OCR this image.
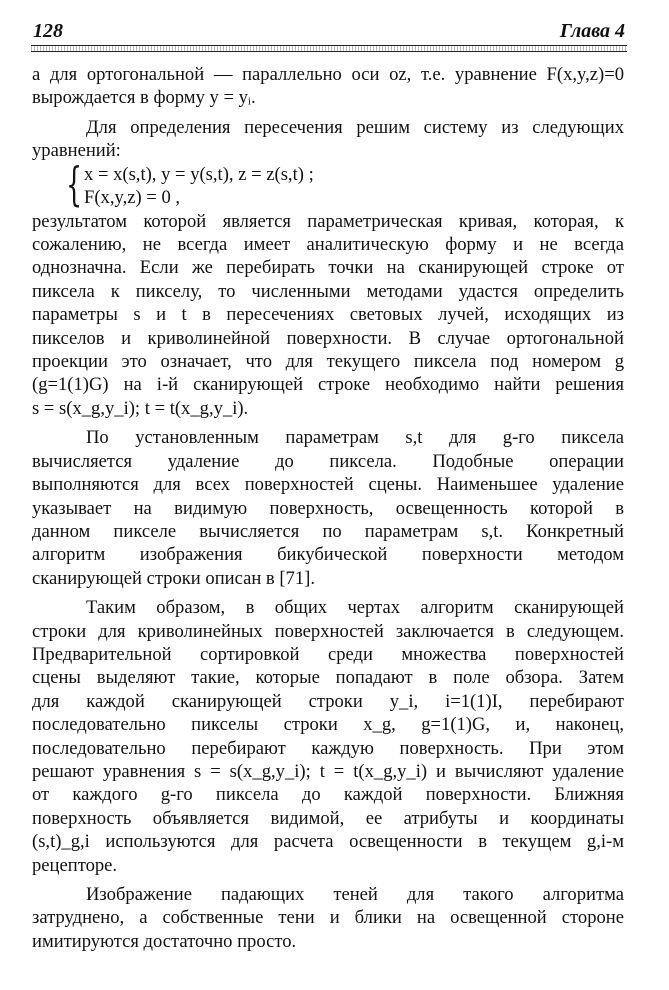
128	Глава 4
а для ортогональной — параллельно оси oz, т.е. уравнение F(x,y,z)=0
вырождается в форму y = yᵢ.
Для определения пересечения решим систему из следующих
уравнений:
{ x = x(s,t), y = y(s,t), z = z(s,t) ;
F(x,y,z) = 0 ,
результатом которой является параметрическая кривая, которая, к
сожалению, не всегда имеет аналитическую форму и не всегда
однозначна. Если же перебирать точки на сканирующей строке от
пиксела к пикселу, то численными методами удастся определить
параметры s и t в пересечениях световых лучей, исходящих из
пикселов и криволинейной поверхности. В случае ортогональной
проекции это означает, что для текущего пиксела под номером g
(g=1(1)G) на i-й сканирующей строке необходимо найти решения
s = s(x_g,y_i); t = t(x_g,y_i).
По установленным параметрам s,t для g-го пиксела
вычисляется удаление до пиксела. Подобные операции
выполняются для всех поверхностей сцены. Наименьшее удаление
указывает на видимую поверхность, освещенность которой в
данном пикселе вычисляется по параметрам s,t. Конкретный
алгоритм изображения бикубической поверхности методом
сканирующей строки описан в [71].
Таким образом, в общих чертах алгоритм сканирующей
строки для криволинейных поверхностей заключается в следующем.
Предварительной сортировкой среди множества поверхностей
сцены выделяют такие, которые попадают в поле обзора. Затем
для каждой сканирующей строки y_i, i=1(1)I, перебирают
последовательно пикселы строки x_g, g=1(1)G, и, наконец,
последовательно перебирают каждую поверхность. При этом
решают уравнения s = s(x_g,y_i); t = t(x_g,y_i) и вычисляют удаление
от каждого g-го пиксела до каждой поверхности. Ближняя
поверхность объявляется видимой, ее атрибуты и координаты
(s,t)_g,i используются для расчета освещенности в текущем g,i-м
рецепторе.
Изображение падающих теней для такого алгоритма
затруднено, а собственные тени и блики на освещенной стороне
имитируются достаточно просто.
